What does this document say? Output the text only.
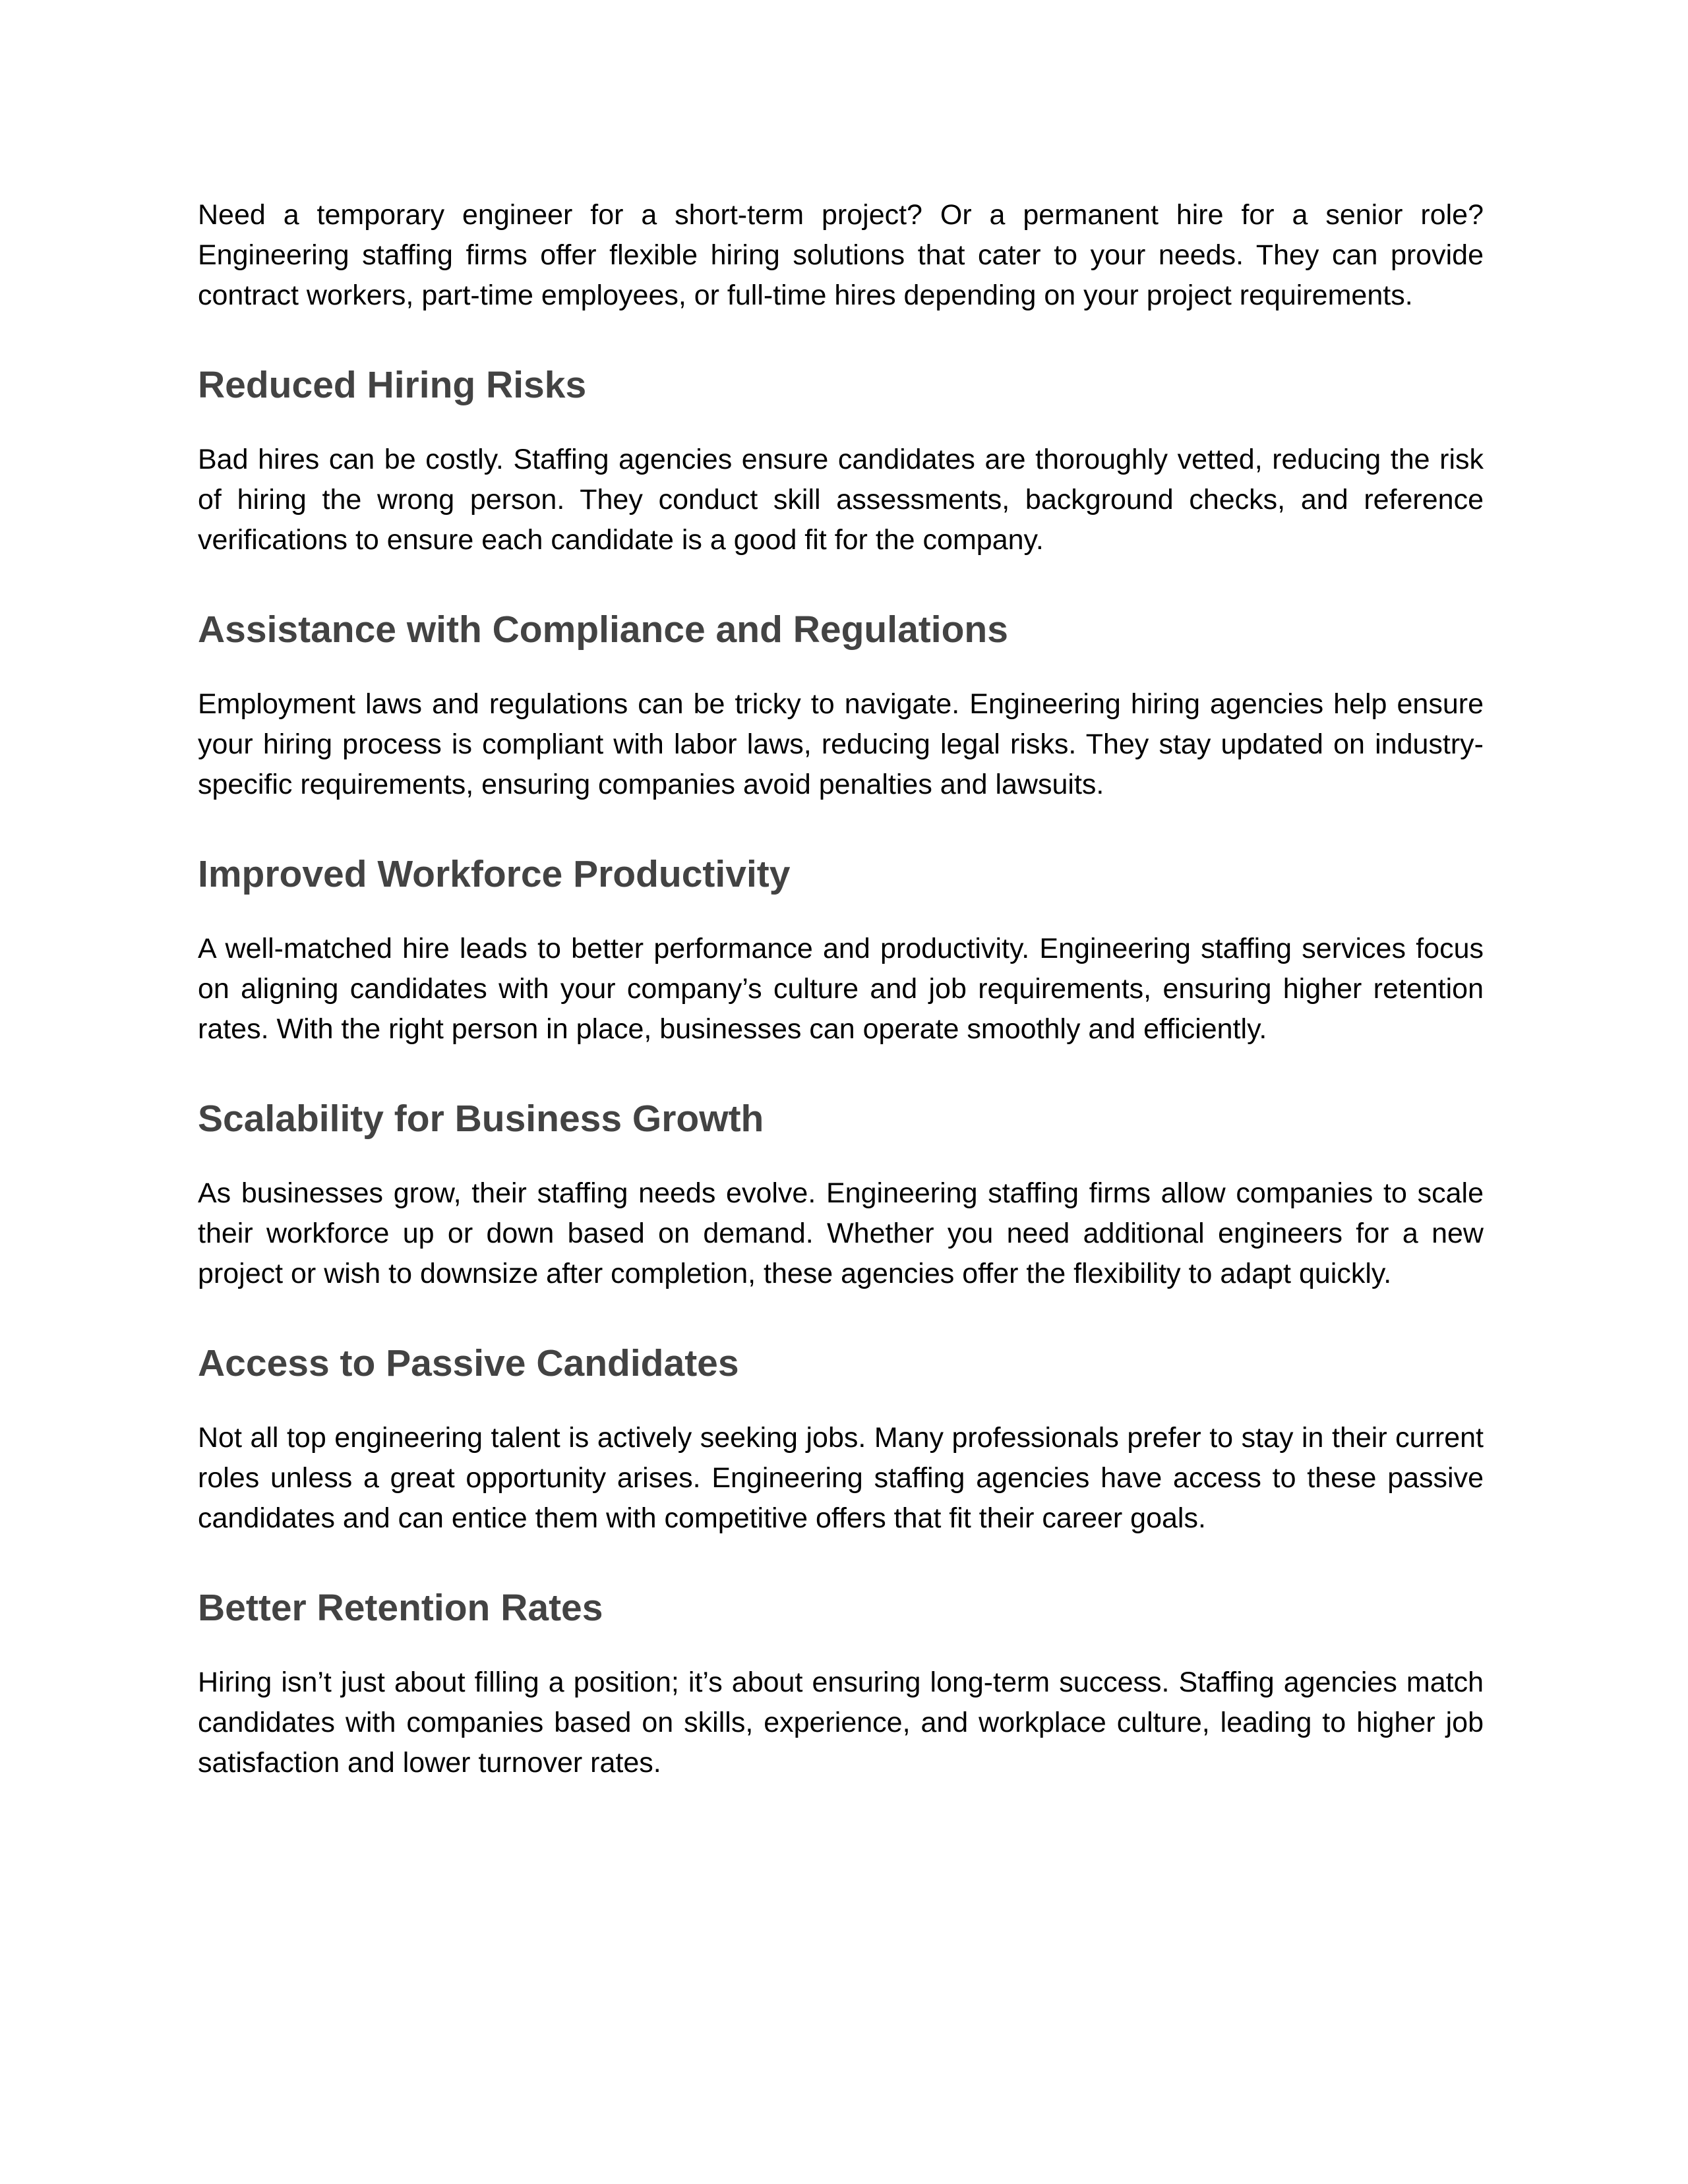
Need a temporary engineer for a short-term project? Or a permanent hire for a senior role? Engineering staffing firms offer flexible hiring solutions that cater to your needs. They can provide contract workers, part-time employees, or full-time hires depending on your project requirements.

Reduced Hiring Risks

Bad hires can be costly. Staffing agencies ensure candidates are thoroughly vetted, reducing the risk of hiring the wrong person. They conduct skill assessments, background checks, and reference verifications to ensure each candidate is a good fit for the company.

Assistance with Compliance and Regulations

Employment laws and regulations can be tricky to navigate. Engineering hiring agencies help ensure your hiring process is compliant with labor laws, reducing legal risks. They stay updated on industry-specific requirements, ensuring companies avoid penalties and lawsuits.

Improved Workforce Productivity

A well-matched hire leads to better performance and productivity. Engineering staffing services focus on aligning candidates with your company’s culture and job requirements, ensuring higher retention rates. With the right person in place, businesses can operate smoothly and efficiently.

Scalability for Business Growth

As businesses grow, their staffing needs evolve. Engineering staffing firms allow companies to scale their workforce up or down based on demand. Whether you need additional engineers for a new project or wish to downsize after completion, these agencies offer the flexibility to adapt quickly.

Access to Passive Candidates

Not all top engineering talent is actively seeking jobs. Many professionals prefer to stay in their current roles unless a great opportunity arises. Engineering staffing agencies have access to these passive candidates and can entice them with competitive offers that fit their career goals.

Better Retention Rates

Hiring isn’t just about filling a position; it’s about ensuring long-term success. Staffing agencies match candidates with companies based on skills, experience, and workplace culture, leading to higher job satisfaction and lower turnover rates.
